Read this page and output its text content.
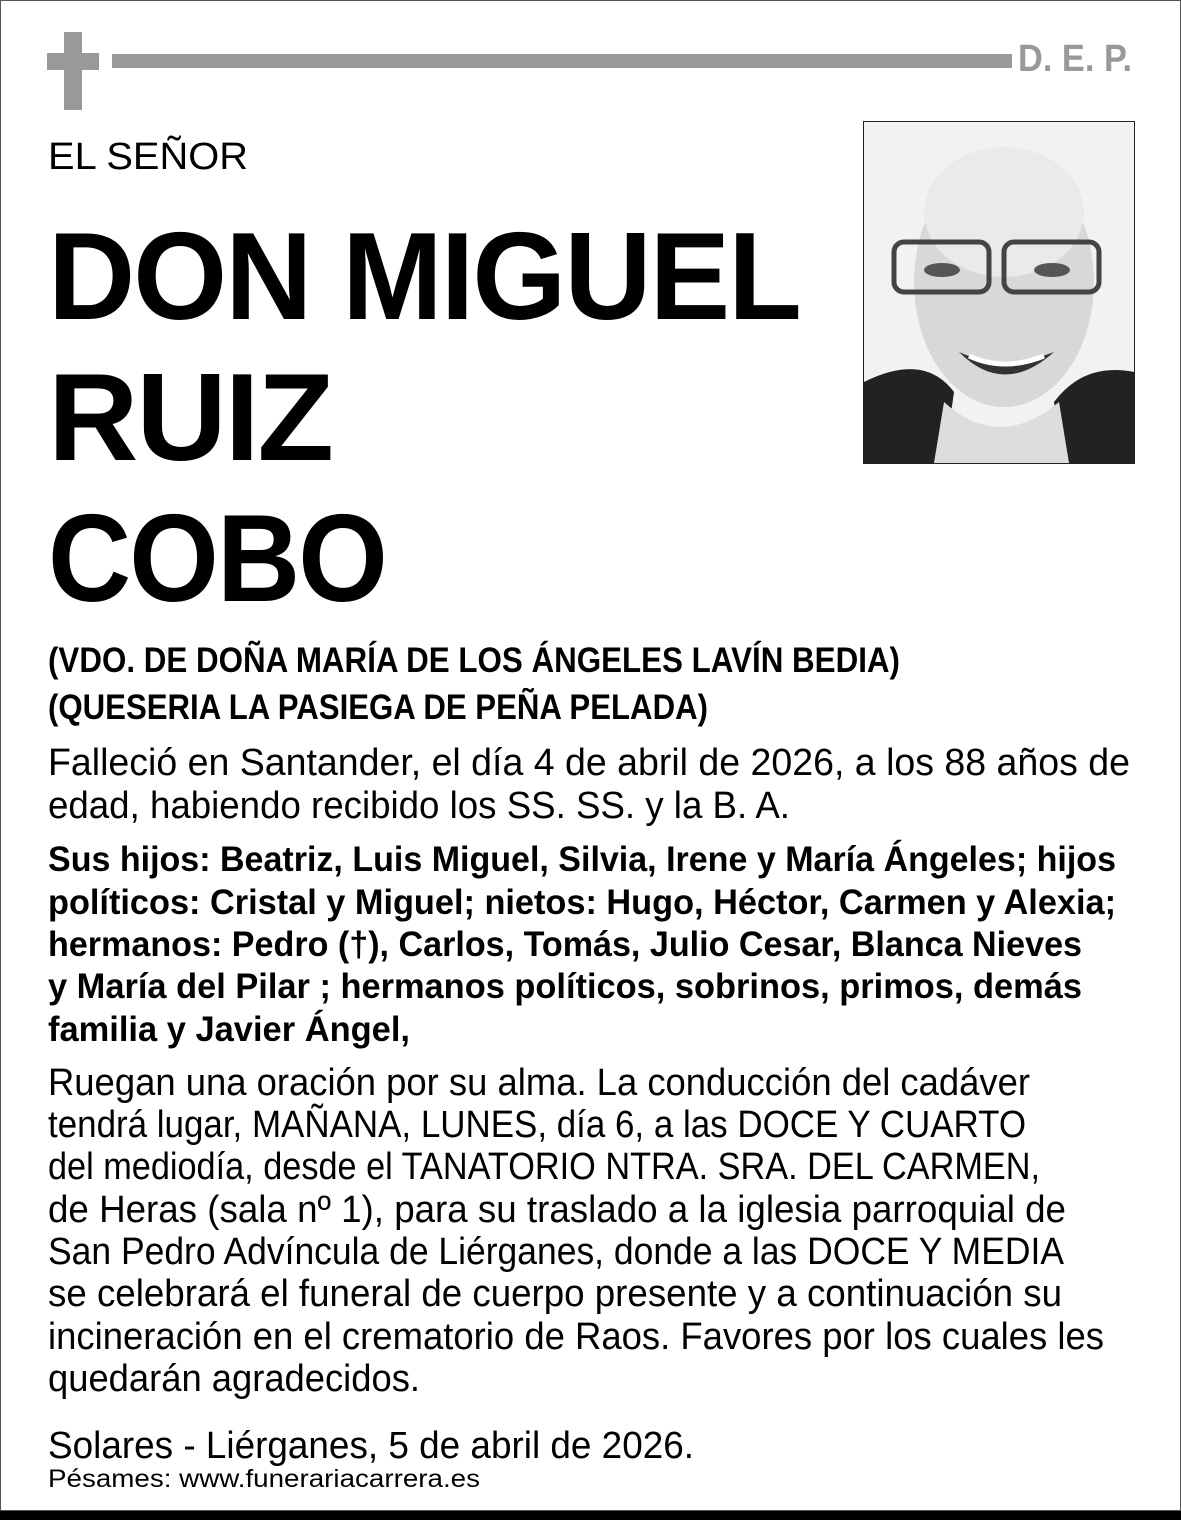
D. E. P.
EL SEÑOR
DON MIGUEL
RUIZ
COBO
(VDO. DE DOÑA MARÍA DE LOS ÁNGELES LAVÍN BEDIA)
(QUESERIA LA PASIEGA DE PEÑA PELADA)
Falleció en Santander, el día 4 de abril de 2026, a los 88 años de
edad, habiendo recibido los SS. SS. y la B. A.
Sus hijos: Beatriz, Luis Miguel, Silvia, Irene y María Ángeles; hijos
políticos: Cristal y Miguel; nietos: Hugo, Héctor, Carmen y Alexia;
hermanos: Pedro (†), Carlos, Tomás, Julio Cesar, Blanca Nieves
y María del Pilar ; hermanos políticos, sobrinos, primos, demás
familia y Javier Ángel,
Ruegan una oración por su alma. La conducción del cadáver
tendrá lugar, MAÑANA, LUNES, día 6, a las DOCE Y CUARTO
del mediodía, desde el TANATORIO NTRA. SRA. DEL CARMEN,
de Heras (sala nº 1), para su traslado a la iglesia parroquial de
San Pedro Advíncula de Liérganes, donde a las DOCE Y MEDIA
se celebrará el funeral de cuerpo presente y a continuación su
incineración en el crematorio de Raos. Favores por los cuales les
quedarán agradecidos.
Solares - Liérganes, 5 de abril de 2026.
Pésames: www.funerariacarrera.es
